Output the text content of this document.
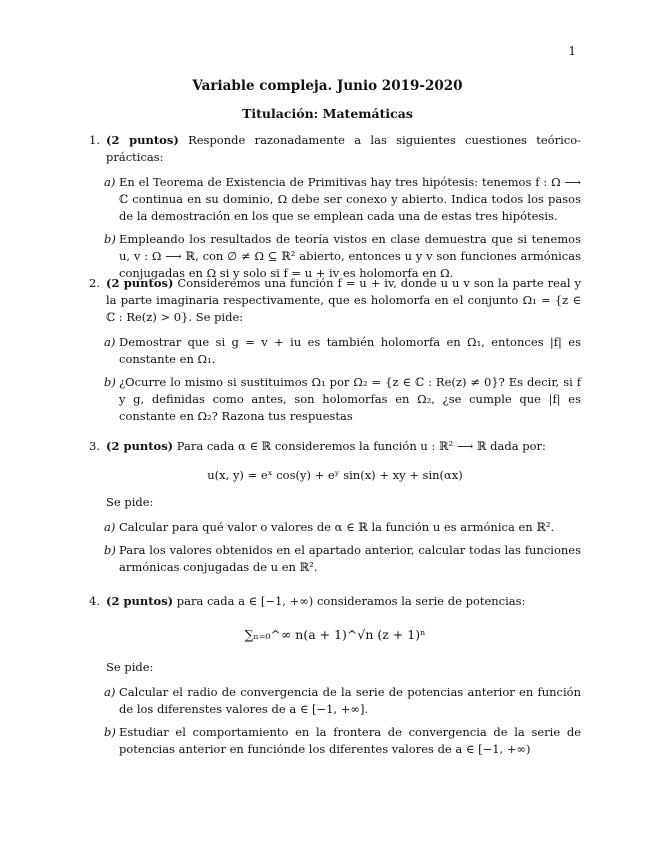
1
Variable compleja. Junio 2019-2020
Titulación: Matemáticas
1. (2 puntos) Responde razonadamente a las siguientes cuestiones teórico-prácticas:
a) En el Teorema de Existencia de Primitivas hay tres hipótesis: tenemos f : Ω ⟶ ℂ continua en su dominio, Ω debe ser conexo y abierto. Indica todos los pasos de la demostración en los que se emplean cada una de estas tres hipótesis.
b) Empleando los resultados de teoría vistos en clase demuestra que si tenemos u, v : Ω ⟶ ℝ, con ∅ ≠ Ω ⊆ ℝ² abierto, entonces u y v son funciones armónicas conjugadas en Ω si y solo si f = u + iv es holomorfa en Ω.
2. (2 puntos) Consideremos una función f = u + iv, donde u u v son la parte real y la parte imaginaria respectivamente, que es holomorfa en el conjunto Ω₁ = {z ∈ ℂ : Re(z) > 0}. Se pide:
a) Demostrar que si g = v + iu es también holomorfa en Ω₁, entonces |f| es constante en Ω₁.
b) ¿Ocurre lo mismo si sustituimos Ω₁ por Ω₂ = {z ∈ ℂ : Re(z) ≠ 0}? Es decir, si f y g, definidas como antes, son holomorfas en Ω₂, ¿se cumple que |f| es constante en Ω₂? Razona tus respuestas
3. (2 puntos) Para cada α ∈ ℝ consideremos la función u : ℝ² ⟶ ℝ dada por:
u(x, y) = eˣ cos(y) + eʸ sin(x) + xy + sin(αx)
Se pide:
a) Calcular para qué valor o valores de α ∈ ℝ la función u es armónica en ℝ².
b) Para los valores obtenidos en el apartado anterior, calcular todas las funciones armónicas conjugadas de u en ℝ².
4. (2 puntos) para cada a ∈ [−1, +∞) consideramos la serie de potencias:
∑ₙ₌₀^∞ n(a + 1)^√n (z + 1)ⁿ
Se pide:
a) Calcular el radio de convergencia de la serie de potencias anterior en función de los diferenstes valores de a ∈ [−1, +∞].
b) Estudiar el comportamiento en la frontera de convergencia de la serie de potencias anterior en funciónde los diferentes valores de a ∈ [−1, +∞)
